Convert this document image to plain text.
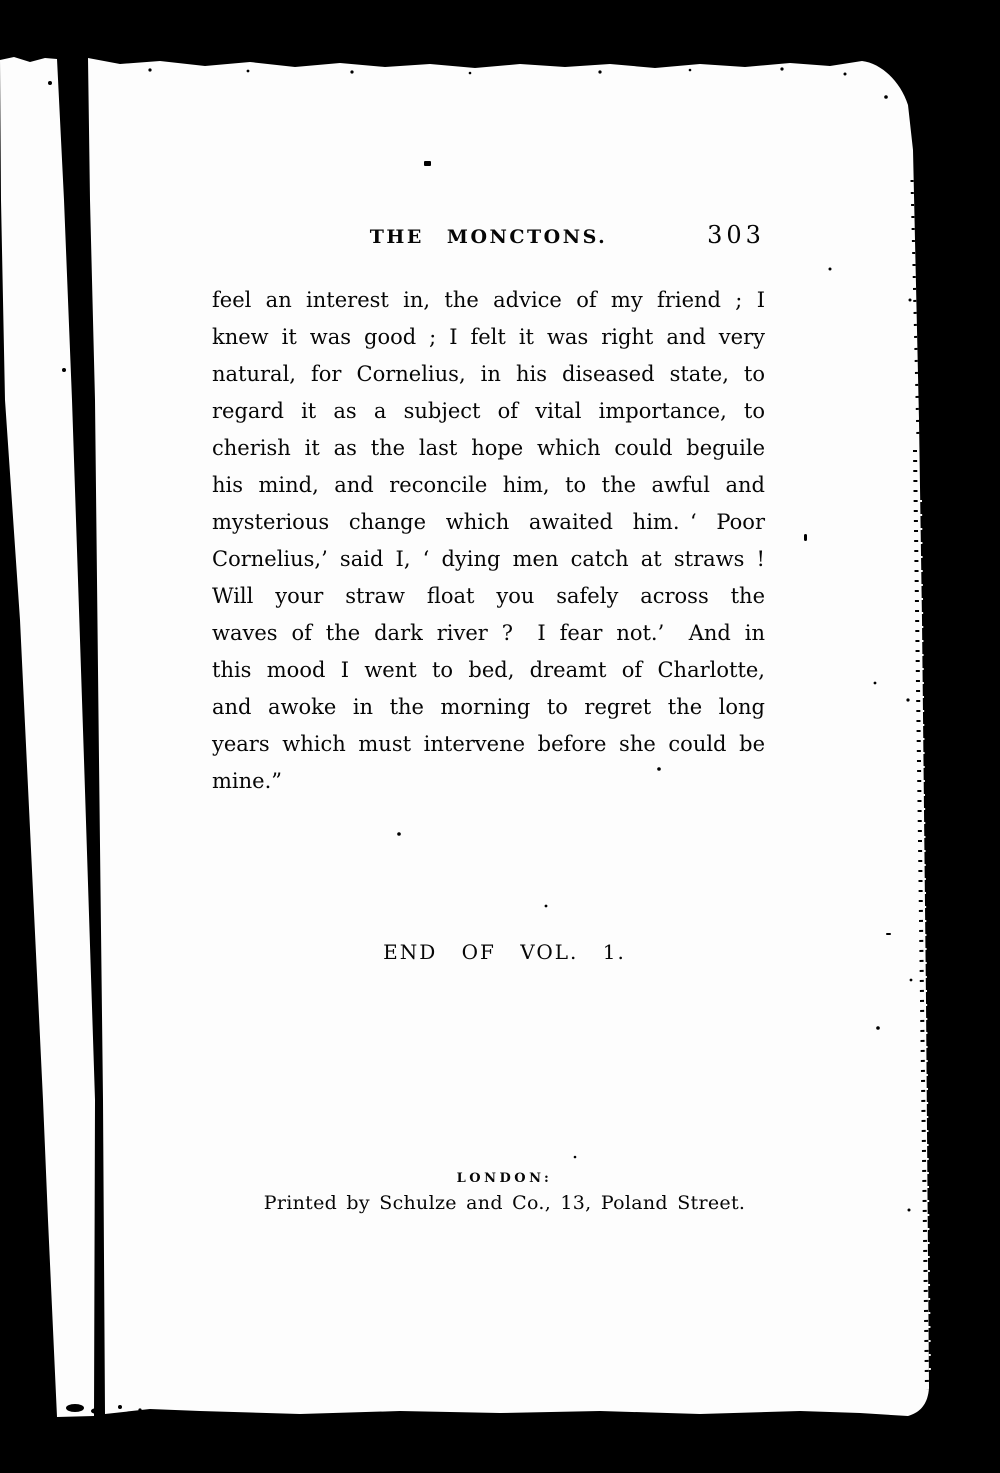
THE MONCTONS.	303
feel an interest in, the advice of my friend ; I
knew it was good ; I felt it was right and very
natural, for Cornelius, in his diseased state, to
regard it as a subject of vital importance, to
cherish it as the last hope which could beguile
his mind, and reconcile him, to the awful and
mysterious change which awaited him. ‘ Poor
Cornelius,’ said I, ‘ dying men catch at straws !
Will your straw float you safely across the
waves of the dark river ?  I fear not.’  And in
this mood I went to bed, dreamt of Charlotte,
and awoke in the morning to regret the long
years which must intervene before she could be
mine.”
END OF VOL. 1.
LONDON:
Printed by Schulze and Co., 13, Poland Street.
